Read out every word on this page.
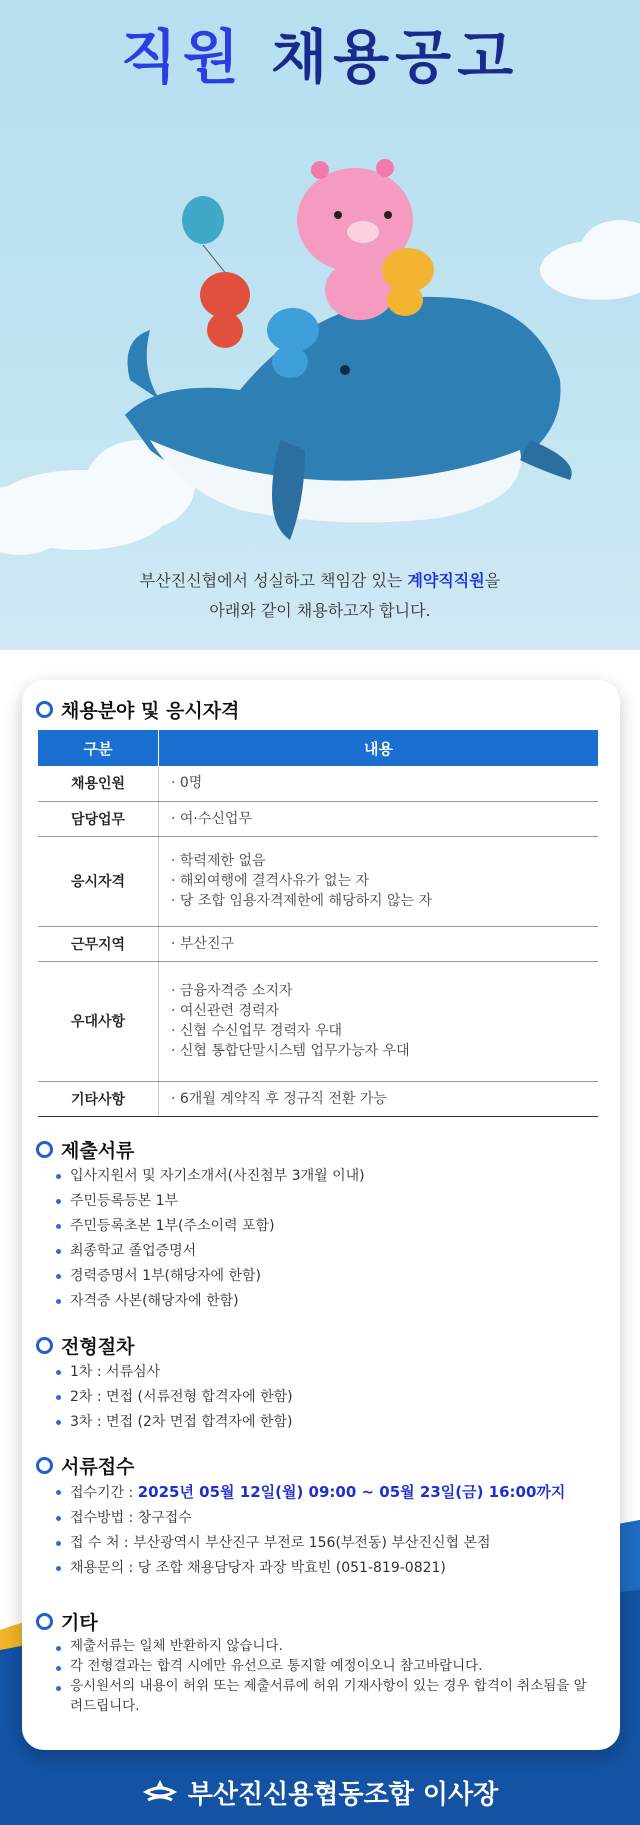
직원 채용공고
부산진신협에서 성실하고 책임감 있는 계약직직원을
아래와 같이 채용하고자 합니다.
채용분야 및 응시자격
구분	내용
채용인원	· 0명

담당업무	· 여·수신업무

응시자격	· 학력제한 없음
· 해외여행에 결격사유가 없는 자
· 당 조합 임용자격제한에 해당하지 않는 자

근무지역	· 부산진구

우대사항	· 금융자격증 소지자
· 여신관련 경력자
· 신협 수신업무 경력자 우대
· 신협 통합단말시스템 업무가능자 우대

기타사항	· 6개월 계약직 후 정규직 전환 가능
제출서류
입사지원서 및 자기소개서(사진첨부 3개월 이내)
주민등록등본 1부
주민등록초본 1부(주소이력 포함)
최종학교 졸업증명서
경력증명서 1부(해당자에 한함)
자격증 사본(해당자에 한함)
전형절차
1차 : 서류심사
2차 : 면접 (서류전형 합격자에 한함)
3차 : 면접 (2차 면접 합격자에 한함)
서류접수
접수기간 : 2025년 05월 12일(월) 09:00 ~ 05월 23일(금) 16:00까지
접수방법 : 창구접수
접 수 처 : 부산광역시 부산진구 부전로 156(부전동) 부산진신협 본점
채용문의 : 당 조합 채용담당자 과장 박효빈 (051-819-0821)
기타
제출서류는 일체 반환하지 않습니다.
각 전형결과는 합격 시에만 유선으로 통지할 예정이오니 참고바랍니다.
응시원서의 내용이 허위 또는 제출서류에 허위 기재사항이 있는 경우 합격이 취소됨을 알려드립니다.
부산진신용협동조합 이사장
